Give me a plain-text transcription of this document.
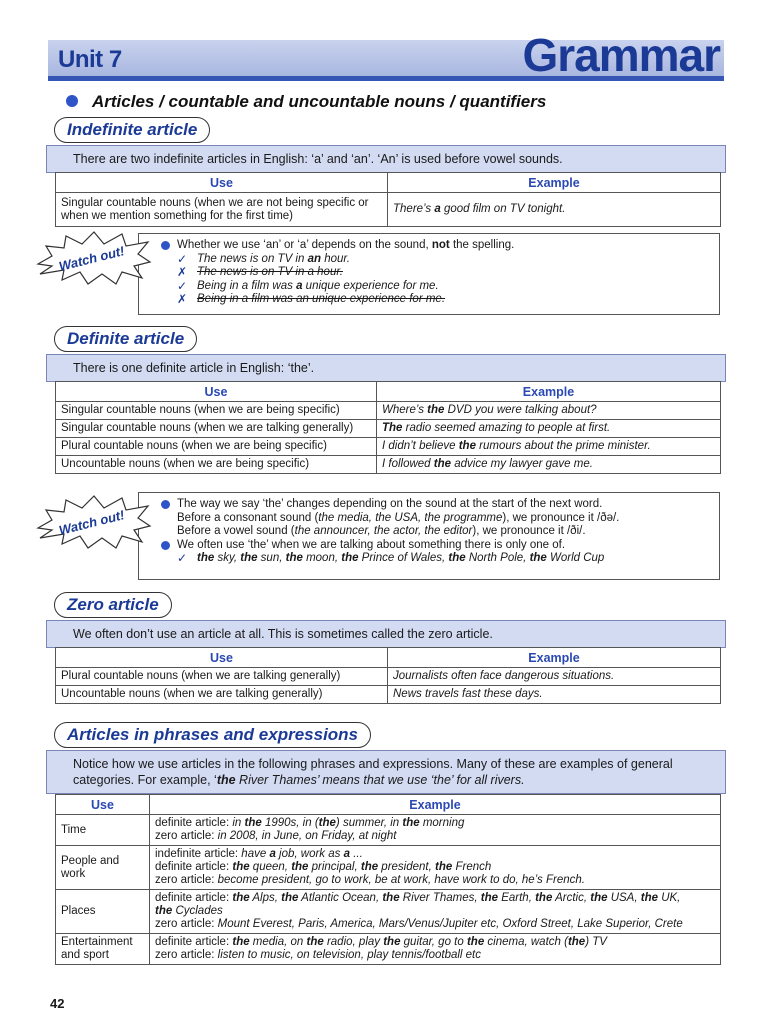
Unit 7	Grammar
Articles / countable and uncountable nouns / quantifiers
Indefinite article
There are two indefinite articles in English: ‘a’ and ‘an’. ‘An’ is used before vowel sounds.
Use	Example
Singular countable nouns (when we are not being specific or when we mention something for the first time)	There’s a good film on TV tonight.
Watch out!	Whether we use ‘an’ or ‘a’ depends on the sound, not the spelling.
✓ The news is on TV in an hour.
✗ The news is on TV in a hour.
✓ Being in a film was a unique experience for me.
✗ Being in a film was an unique experience for me.
Definite article
There is one definite article in English: ‘the’.
Use	Example
Singular countable nouns (when we are being specific)	Where’s the DVD you were talking about?
Singular countable nouns (when we are talking generally)	The radio seemed amazing to people at first.
Plural countable nouns (when we are being specific)	I didn’t believe the rumours about the prime minister.
Uncountable nouns (when we are being specific)	I followed the advice my lawyer gave me.
Watch out!
The way we say ‘the’ changes depending on the sound at the start of the next word.
Before a consonant sound (the media, the USA, the programme), we pronounce it /ðə/.
Before a vowel sound (the announcer, the actor, the editor), we pronounce it /ði/.
We often use ‘the’ when we are talking about something there is only one of.
✓ the sky, the sun, the moon, the Prince of Wales, the North Pole, the World Cup
Zero article
We often don’t use an article at all. This is sometimes called the zero article.
Use	Example
Plural countable nouns (when we are talking generally)	Journalists often face dangerous situations.
Uncountable nouns (when we are talking generally)	News travels fast these days.
Articles in phrases and expressions
Notice how we use articles in the following phrases and expressions. Many of these are examples of general categories. For example, ‘the River Thames’ means that we use ‘the’ for all rivers.
Use	Example
Time	definite article: in the 1990s, in (the) summer, in the morning
zero article: in 2008, in June, on Friday, at night

People and work	indefinite article: have a job, work as a ...
definite article: the queen, the principal, the president, the French
zero article: become president, go to work, be at work, have work to do, he’s French.

Places	definite article: the Alps, the Atlantic Ocean, the River Thames, the Earth, the Arctic, the USA, the UK,
the Cyclades
zero article: Mount Everest, Paris, America, Mars/Venus/Jupiter etc, Oxford Street, Lake Superior, Crete

Entertainment and sport	definite article: the media, on the radio, play the guitar, go to the cinema, watch (the) TV
zero article: listen to music, on television, play tennis/football etc
42
